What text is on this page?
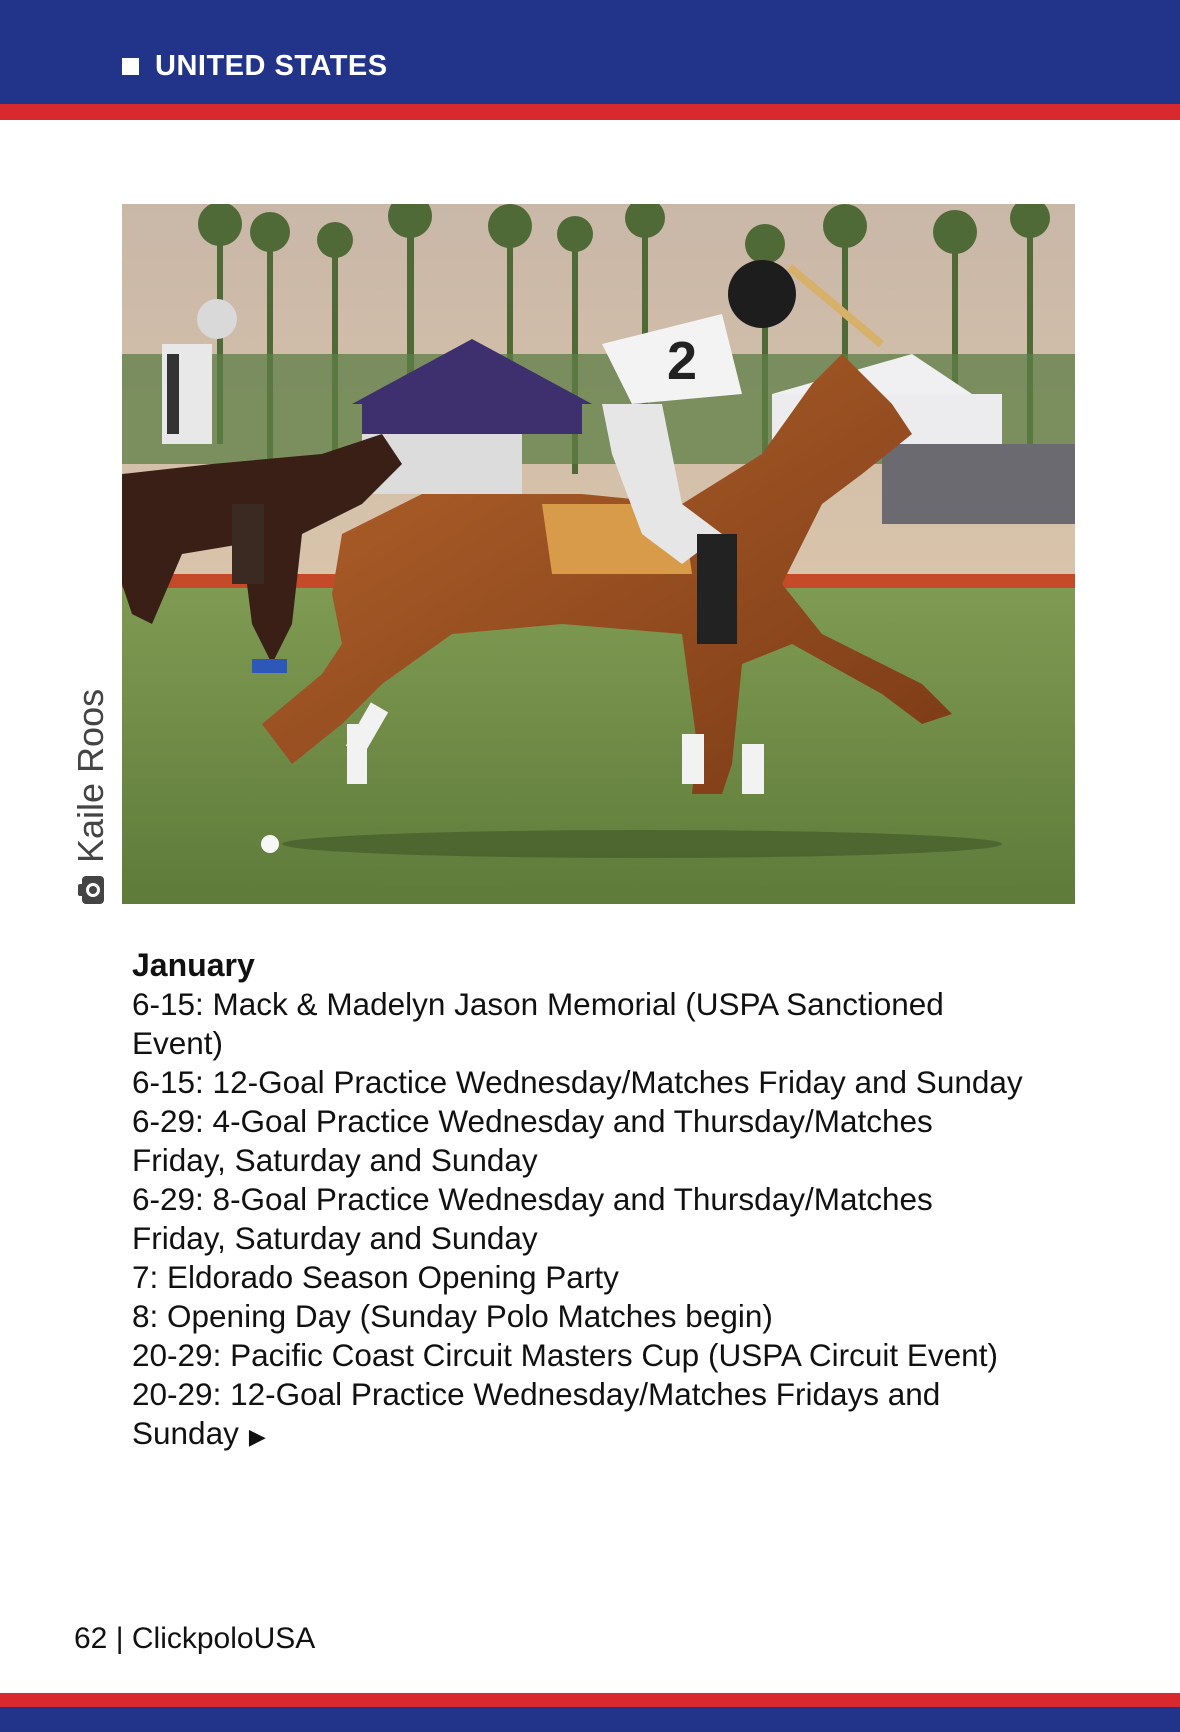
UNITED STATES
2
Kaile Roos
January
6-15: Mack & Madelyn Jason Memorial (USPA Sanctioned Event)
6-15: 12-Goal Practice Wednesday/Matches Friday and Sunday
6-29: 4-Goal Practice Wednesday and Thursday/Matches Friday, Saturday and Sunday
6-29: 8-Goal Practice Wednesday and Thursday/Matches Friday, Saturday and Sunday
7: Eldorado Season Opening Party
8: Opening Day (Sunday Polo Matches begin)
20-29: Pacific Coast Circuit Masters Cup (USPA Circuit Event)
20-29: 12-Goal Practice Wednesday/Matches Fridays and Sunday ▶
62 | ClickpoloUSA
